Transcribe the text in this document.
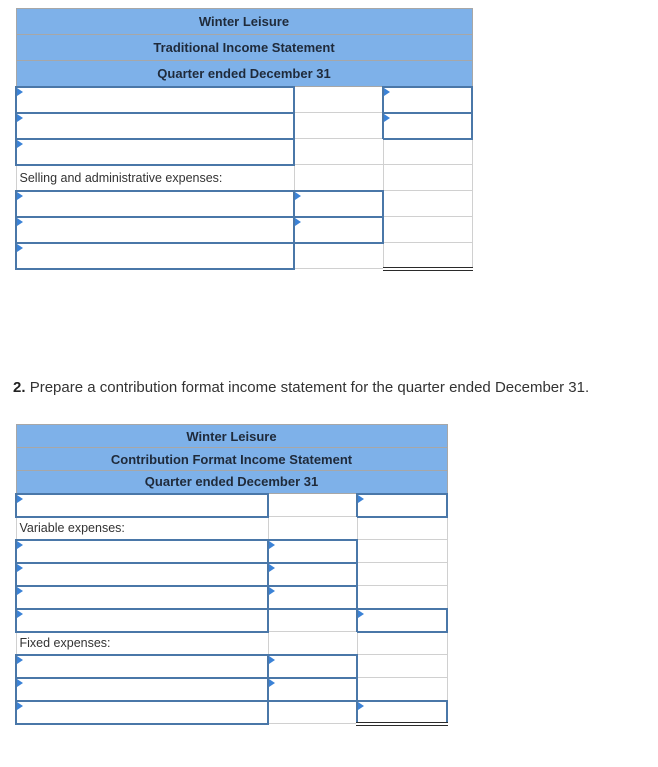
Winter Leisure		
Traditional Income Statement		
Quarter ended December 31		

Selling and administrative expenses:		

2. Prepare a contribution format income statement for the quarter ended December 31.
Winter Leisure		
Contribution Format Income Statement		
Quarter ended December 31		

Variable expenses:		

Fixed expenses:		
